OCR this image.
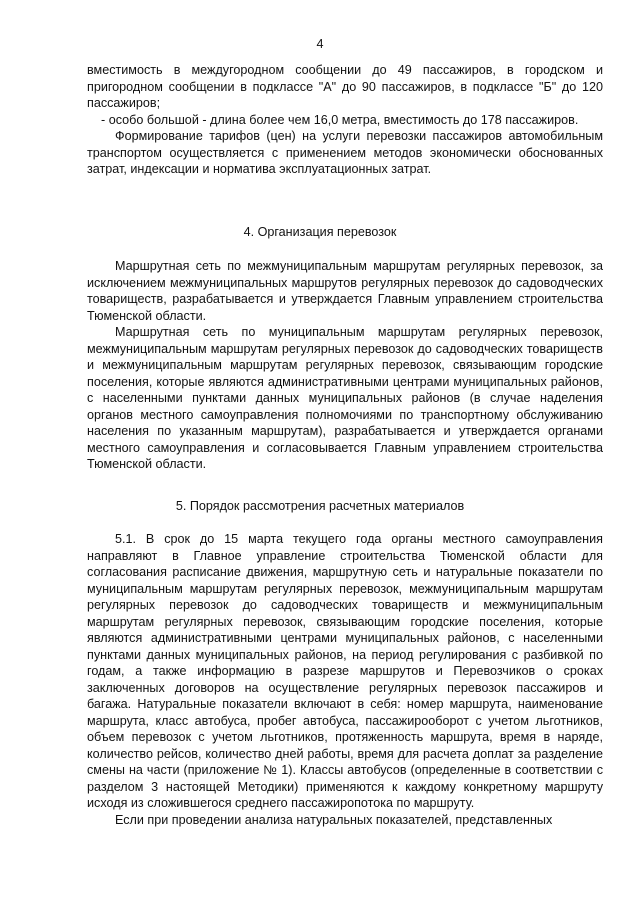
4

вместимость в междугородном сообщении до 49 пассажиров, в городском и пригородном сообщении в подклассе "А" до 90 пассажиров, в подклассе "Б" до 120 пассажиров;

- особо большой - длина более чем 16,0 метра, вместимость до 178 пассажиров.

Формирование тарифов (цен) на услуги перевозки пассажиров автомобильным транспортом осуществляется с применением методов экономически обоснованных затрат, индексации и норматива эксплуатационных затрат.

4. Организация перевозок

Маршрутная сеть по межмуниципальным маршрутам регулярных перевозок, за исключением межмуниципальных маршрутов регулярных перевозок до садоводческих товариществ, разрабатывается и утверждается Главным управлением строительства Тюменской области.

Маршрутная сеть по муниципальным маршрутам регулярных перевозок, межмуниципальным маршрутам регулярных перевозок до садоводческих товариществ и межмуниципальным маршрутам регулярных перевозок, связывающим городские поселения, которые являются административными центрами муниципальных районов, с населенными пунктами данных муниципальных районов (в случае наделения органов местного самоуправления полномочиями по транспортному обслуживанию населения по указанным маршрутам), разрабатывается и утверждается органами местного самоуправления и согласовывается Главным управлением строительства Тюменской области.

5. Порядок рассмотрения расчетных материалов

5.1. В срок до 15 марта текущего года органы местного самоуправления направляют в Главное управление строительства Тюменской области для согласования расписание движения, маршрутную сеть и натуральные показатели по муниципальным маршрутам регулярных перевозок, межмуниципальным маршрутам регулярных перевозок до садоводческих товариществ и межмуниципальным маршрутам регулярных перевозок, связывающим городские поселения, которые являются административными центрами муниципальных районов, с населенными пунктами данных муниципальных районов, на период регулирования с разбивкой по годам, а также информацию в разрезе маршрутов и Перевозчиков о сроках заключенных договоров на осуществление регулярных перевозок пассажиров и багажа. Натуральные показатели включают в себя: номер маршрута, наименование маршрута, класс автобуса, пробег автобуса, пассажирооборот с учетом льготников, объем перевозок с учетом льготников, протяженность маршрута, время в наряде, количество рейсов, количество дней работы, время для расчета доплат за разделение смены на части (приложение № 1). Классы автобусов (определенные в соответствии с разделом 3 настоящей Методики) применяются к каждому конкретному маршруту исходя из сложившегося среднего пассажиропотока по маршруту.

Если при проведении анализа натуральных показателей, представленных
